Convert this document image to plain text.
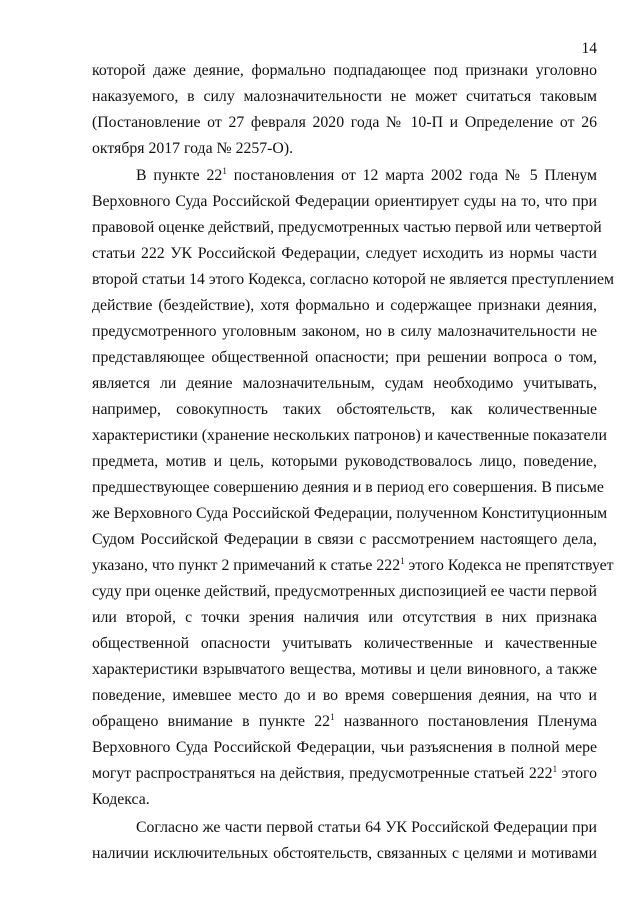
14
которой даже деяние, формально подпадающее под признаки уголовно
наказуемого, в силу малозначительности не может считаться таковым
(Постановление от 27 февраля 2020 года № 10-П и Определение от 26
октября 2017 года № 2257-О).
В пункте $22^1$ постановления от 12 марта 2002 года № 5 Пленум
Верховного Суда Российской Федерации ориентирует суды на то, что при
правовой оценке действий, предусмотренных частью первой или четвертой
статьи 222 УК Российской Федерации, следует исходить из нормы части
второй статьи 14 этого Кодекса, согласно которой не является преступлением
действие (бездействие), хотя формально и содержащее признаки деяния,
предусмотренного уголовным законом, но в силу малозначительности не
представляющее общественной опасности; при решении вопроса о том,
является ли деяние малозначительным, судам необходимо учитывать,
например, совокупность таких обстоятельств, как количественные
характеристики (хранение нескольких патронов) и качественные показатели
предмета, мотив и цель, которыми руководствовалось лицо, поведение,
предшествующее совершению деяния и в период его совершения. В письме
же Верховного Суда Российской Федерации, полученном Конституционным
Судом Российской Федерации в связи с рассмотрением настоящего дела,
указано, что пункт 2 примечаний к статье $222^1$ этого Кодекса не препятствует
суду при оценке действий, предусмотренных диспозицией ее части первой
или второй, с точки зрения наличия или отсутствия в них признака
общественной опасности учитывать количественные и качественные
характеристики взрывчатого вещества, мотивы и цели виновного, а также
поведение, имевшее место до и во время совершения деяния, на что и
обращено внимание в пункте $22^1$ названного постановления Пленума
Верховного Суда Российской Федерации, чьи разъяснения в полной мере
могут распространяться на действия, предусмотренные статьей $222^1$ этого
Кодекса.
Согласно же части первой статьи 64 УК Российской Федерации при
наличии исключительных обстоятельств, связанных с целями и мотивами
